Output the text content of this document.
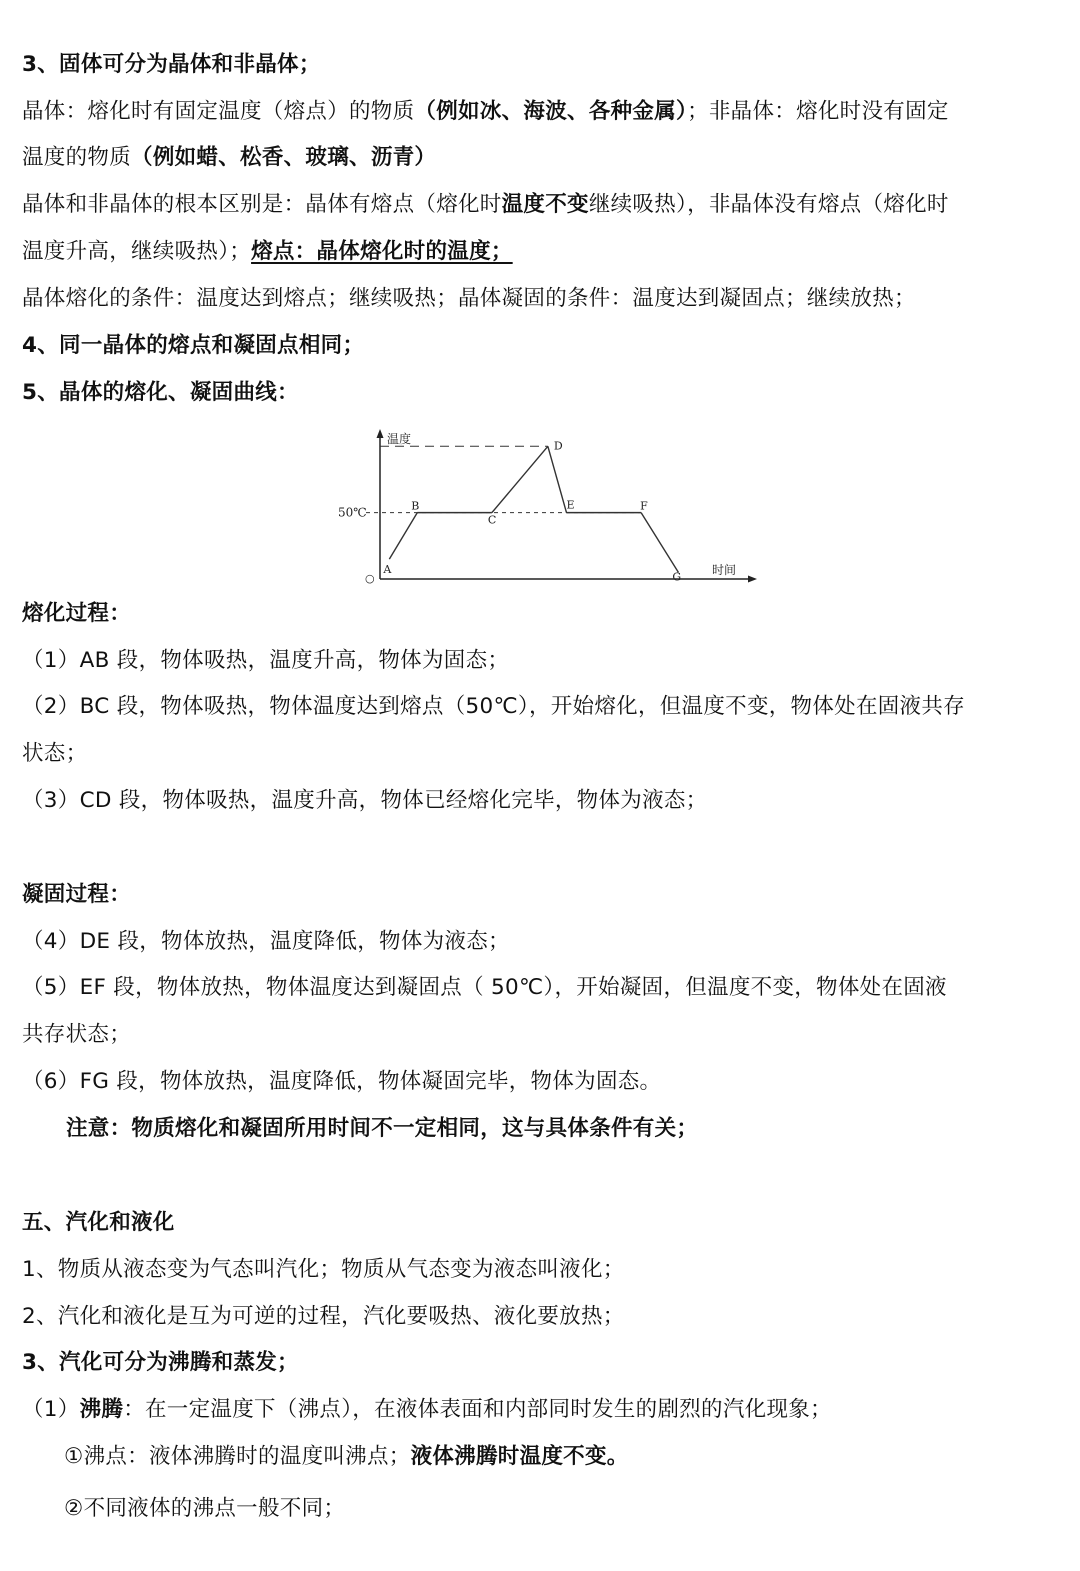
3、固体可分为晶体和非晶体；
晶体：熔化时有固定温度（熔点）的物质（例如冰、海波、各种金属）；非晶体：熔化时没有固定
温度的物质（例如蜡、松香、玻璃、沥青）
晶体和非晶体的根本区别是：晶体有熔点（熔化时温度不变继续吸热），非晶体没有熔点（熔化时
温度升高，继续吸热）；熔点：晶体熔化时的温度；
晶体熔化的条件：温度达到熔点；继续吸热；晶体凝固的条件：温度达到凝固点；继续放热；
4、同一晶体的熔点和凝固点相同；
5、晶体的熔化、凝固曲线：
温度
时间
○
50℃
A
B
C
D
E	F
G
熔化过程：
（1）AB 段，物体吸热，温度升高，物体为固态；
（2）BC 段，物体吸热，物体温度达到熔点（50℃），开始熔化，但温度不变，物体处在固液共存
状态；
（3）CD 段，物体吸热，温度升高，物体已经熔化完毕，物体为液态；
凝固过程：
（4）DE 段，物体放热，温度降低，物体为液态；
（5）EF 段，物体放热，物体温度达到凝固点（ 50℃），开始凝固，但温度不变，物体处在固液
共存状态；
（6）FG 段，物体放热，温度降低，物体凝固完毕，物体为固态。
注意：物质熔化和凝固所用时间不一定相同，这与具体条件有关；
五、汽化和液化
1、物质从液态变为气态叫汽化；物质从气态变为液态叫液化；
2、汽化和液化是互为可逆的过程，汽化要吸热、液化要放热；
3、汽化可分为沸腾和蒸发；
（1）沸腾：在一定温度下（沸点），在液体表面和内部同时发生的剧烈的汽化现象；
①沸点：液体沸腾时的温度叫沸点；液体沸腾时温度不变。
②不同液体的沸点一般不同；
